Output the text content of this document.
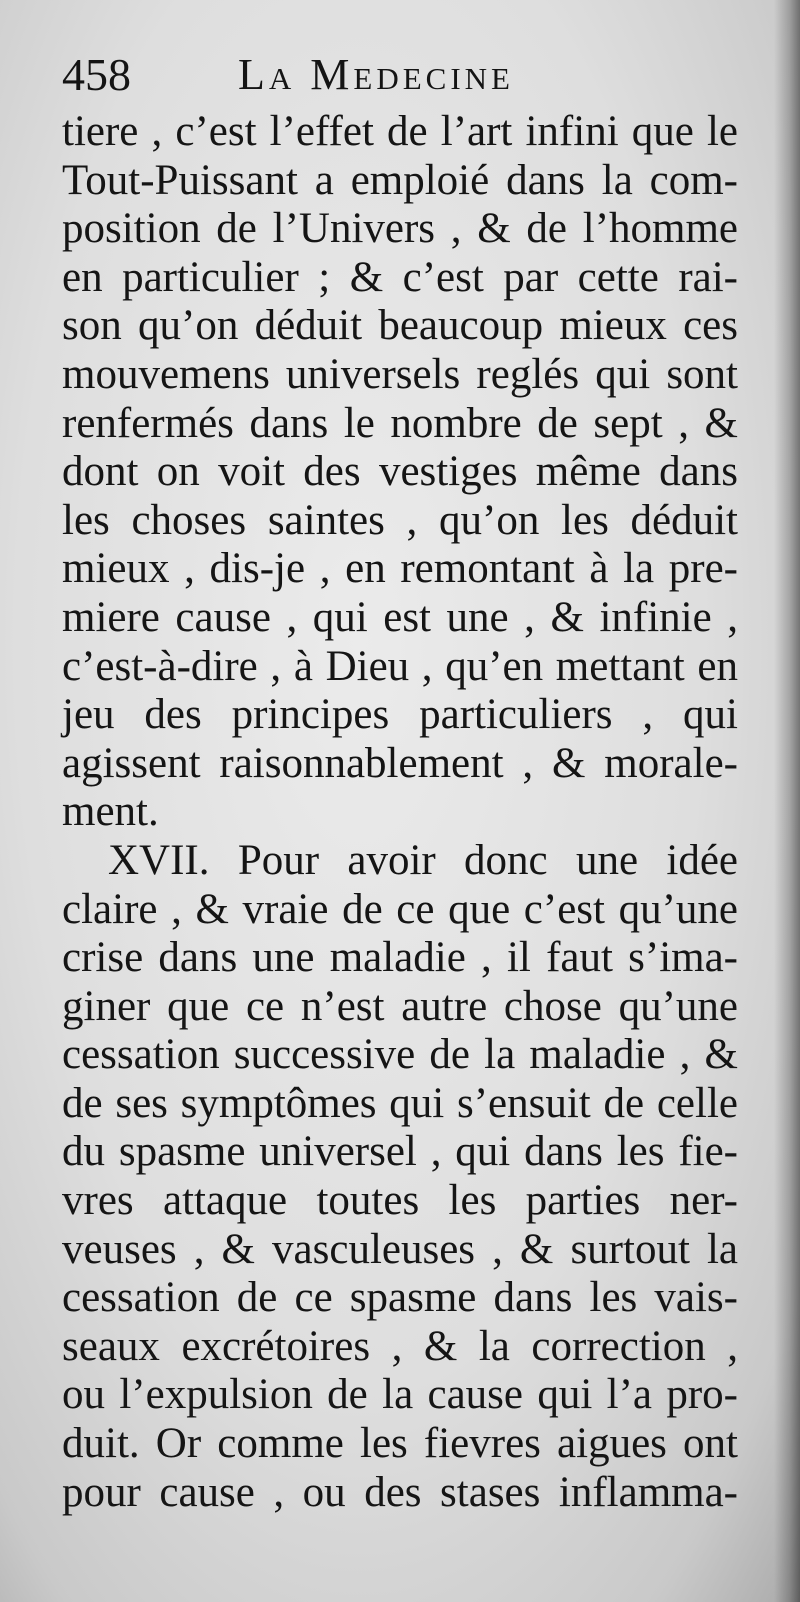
458 La Medecine
tiere , c’est l’effet de l’art infini que le
Tout-Puissant a emploié dans la com-
position de l’Univers , & de l’homme
en particulier ; & c’est par cette rai-
son qu’on déduit beaucoup mieux ces
mouvemens universels reglés qui sont
renfermés dans le nombre de sept , &
dont on voit des vestiges même dans
les choses saintes , qu’on les déduit
mieux , dis-je , en remontant à la pre-
miere cause , qui est une , & infinie ,
c’est-à-dire , à Dieu , qu’en mettant en
jeu des principes particuliers , qui
agissent raisonnablement , & morale-
ment.
XVII. Pour avoir donc une idée
claire , & vraie de ce que c’est qu’une
crise dans une maladie , il faut s’ima-
giner que ce n’est autre chose qu’une
cessation successive de la maladie , &
de ses symptômes qui s’ensuit de celle
du spasme universel , qui dans les fie-
vres attaque toutes les parties ner-
veuses , & vasculeuses , & surtout la
cessation de ce spasme dans les vais-
seaux excrétoires , & la correction ,
ou l’expulsion de la cause qui l’a pro-
duit. Or comme les fievres aigues ont
pour cause , ou des stases inflamma-
